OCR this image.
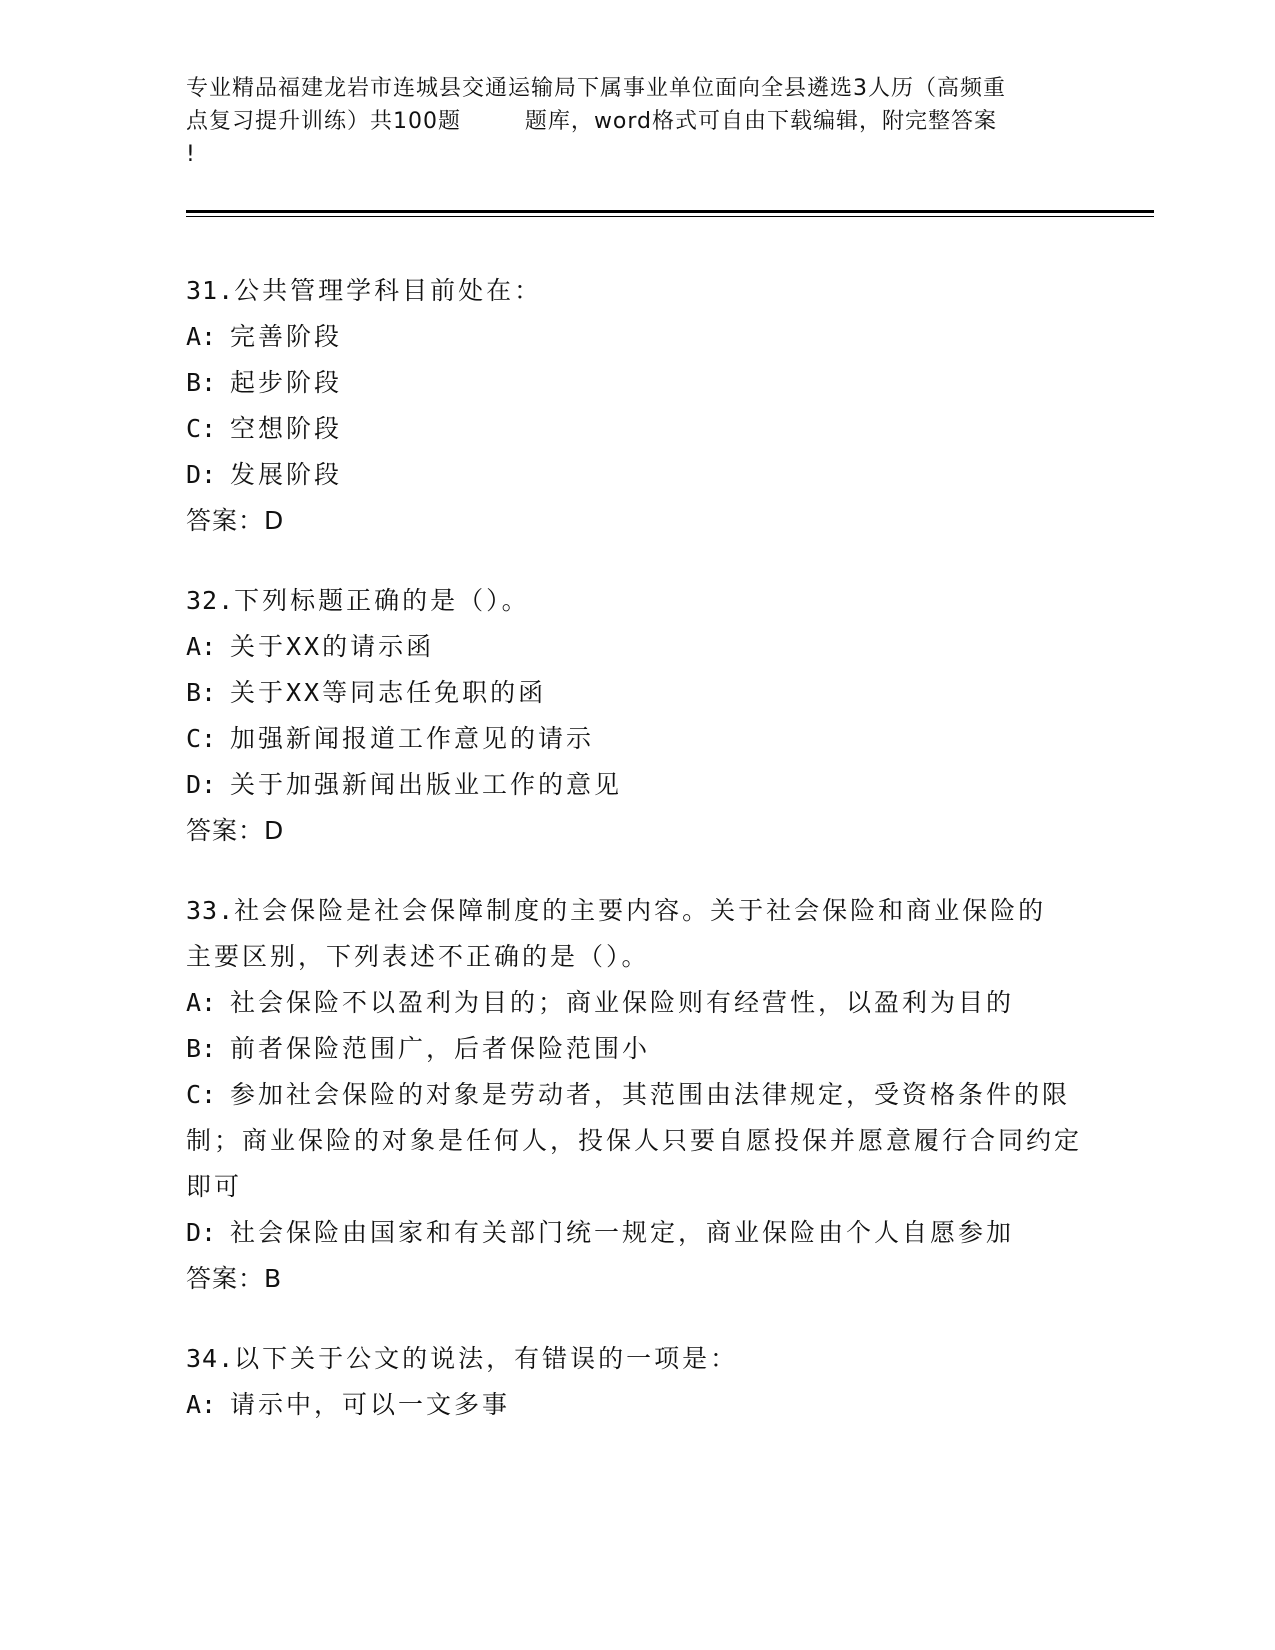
专业精品福建龙岩市连城县交通运输局下属事业单位面向全县遴选3人历（高频重
点复习提升训练）共100题        题库，word格式可自由下载编辑，附完整答案
!
31.公共管理学科目前处在：
A: 完善阶段
B: 起步阶段
C: 空想阶段
D: 发展阶段
答案：D
32.下列标题正确的是（）。
A: 关于XX的请示函
B: 关于XX等同志任免职的函
C: 加强新闻报道工作意见的请示
D: 关于加强新闻出版业工作的意见
答案：D
33.社会保险是社会保障制度的主要内容。关于社会保险和商业保险的
主要区别，下列表述不正确的是（）。
A: 社会保险不以盈利为目的；商业保险则有经营性，以盈利为目的
B: 前者保险范围广，后者保险范围小
C: 参加社会保险的对象是劳动者，其范围由法律规定，受资格条件的限制；商业保险的对象是任何人，投保人只要自愿投保并愿意履行合同约定即可
D: 社会保险由国家和有关部门统一规定，商业保险由个人自愿参加
答案：B
34.以下关于公文的说法，有错误的一项是：
A: 请示中，可以一文多事
